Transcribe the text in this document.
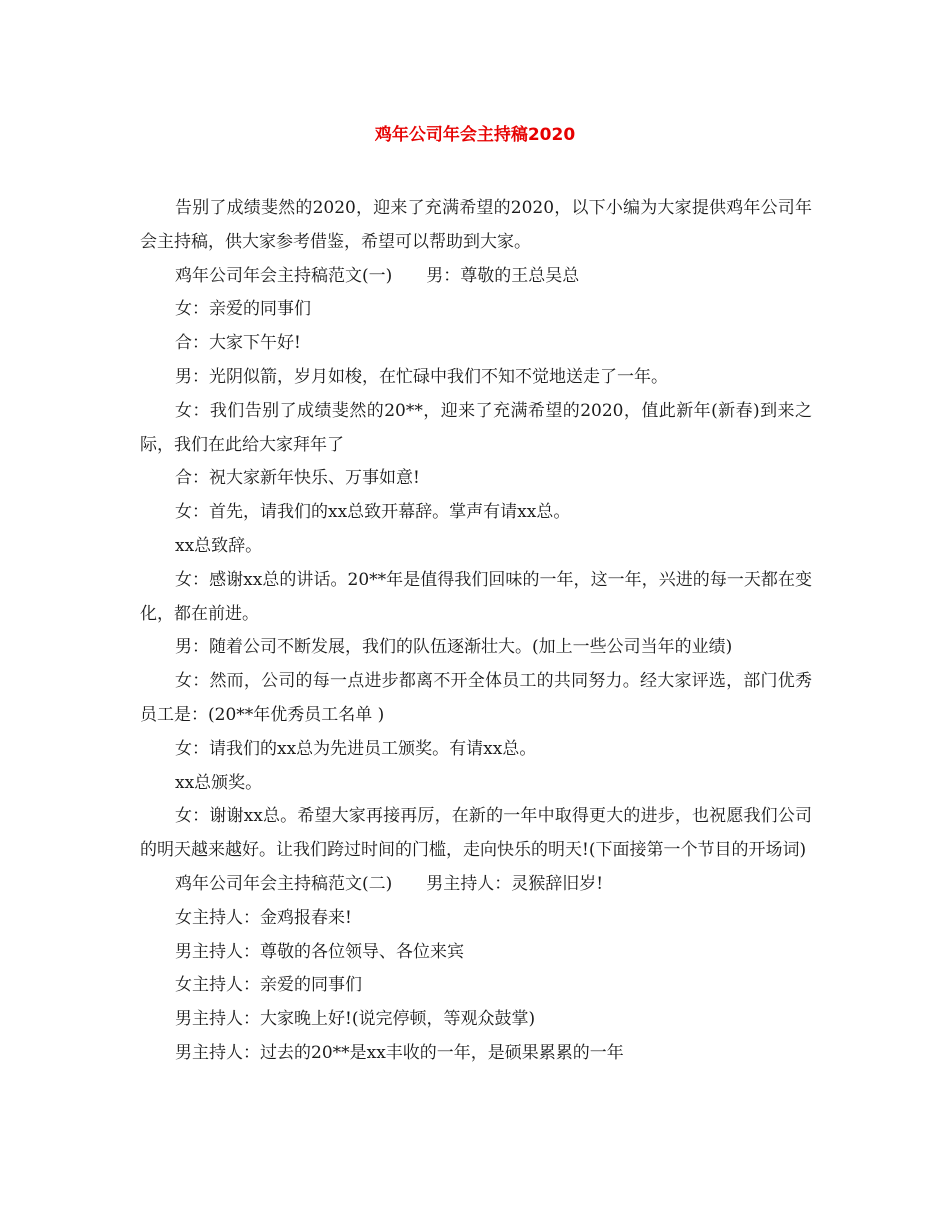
鸡年公司年会主持稿2020

告别了成绩斐然的2020，迎来了充满希望的2020，以下小编为大家提供鸡年公司年会主持稿，供大家参考借鉴，希望可以帮助到大家。

鸡年公司年会主持稿范文(一)　　男：尊敬的王总吴总

女：亲爱的同事们

合：大家下午好!

男：光阴似箭，岁月如梭，在忙碌中我们不知不觉地送走了一年。

女：我们告别了成绩斐然的20**，迎来了充满希望的2020，值此新年(新春)到来之际，我们在此给大家拜年了

合：祝大家新年快乐、万事如意!

女：首先，请我们的xx总致开幕辞。掌声有请xx总。

xx总致辞。

女：感谢xx总的讲话。20**年是值得我们回味的一年，这一年，兴进的每一天都在变化，都在前进。

男：随着公司不断发展，我们的队伍逐渐壮大。(加上一些公司当年的业绩)

女：然而，公司的每一点进步都离不开全体员工的共同努力。经大家评选，部门优秀员工是：(20**年优秀员工名单 )

女：请我们的xx总为先进员工颁奖。有请xx总。

xx总颁奖。

女：谢谢xx总。希望大家再接再厉，在新的一年中取得更大的进步，也祝愿我们公司的明天越来越好。让我们跨过时间的门槛，走向快乐的明天!(下面接第一个节目的开场词)

鸡年公司年会主持稿范文(二)　　男主持人：灵猴辞旧岁!

女主持人：金鸡报春来!

男主持人：尊敬的各位领导、各位来宾

女主持人：亲爱的同事们

男主持人：大家晚上好!(说完停顿，等观众鼓掌)

男主持人：过去的20**是xx丰收的一年，是硕果累累的一年
